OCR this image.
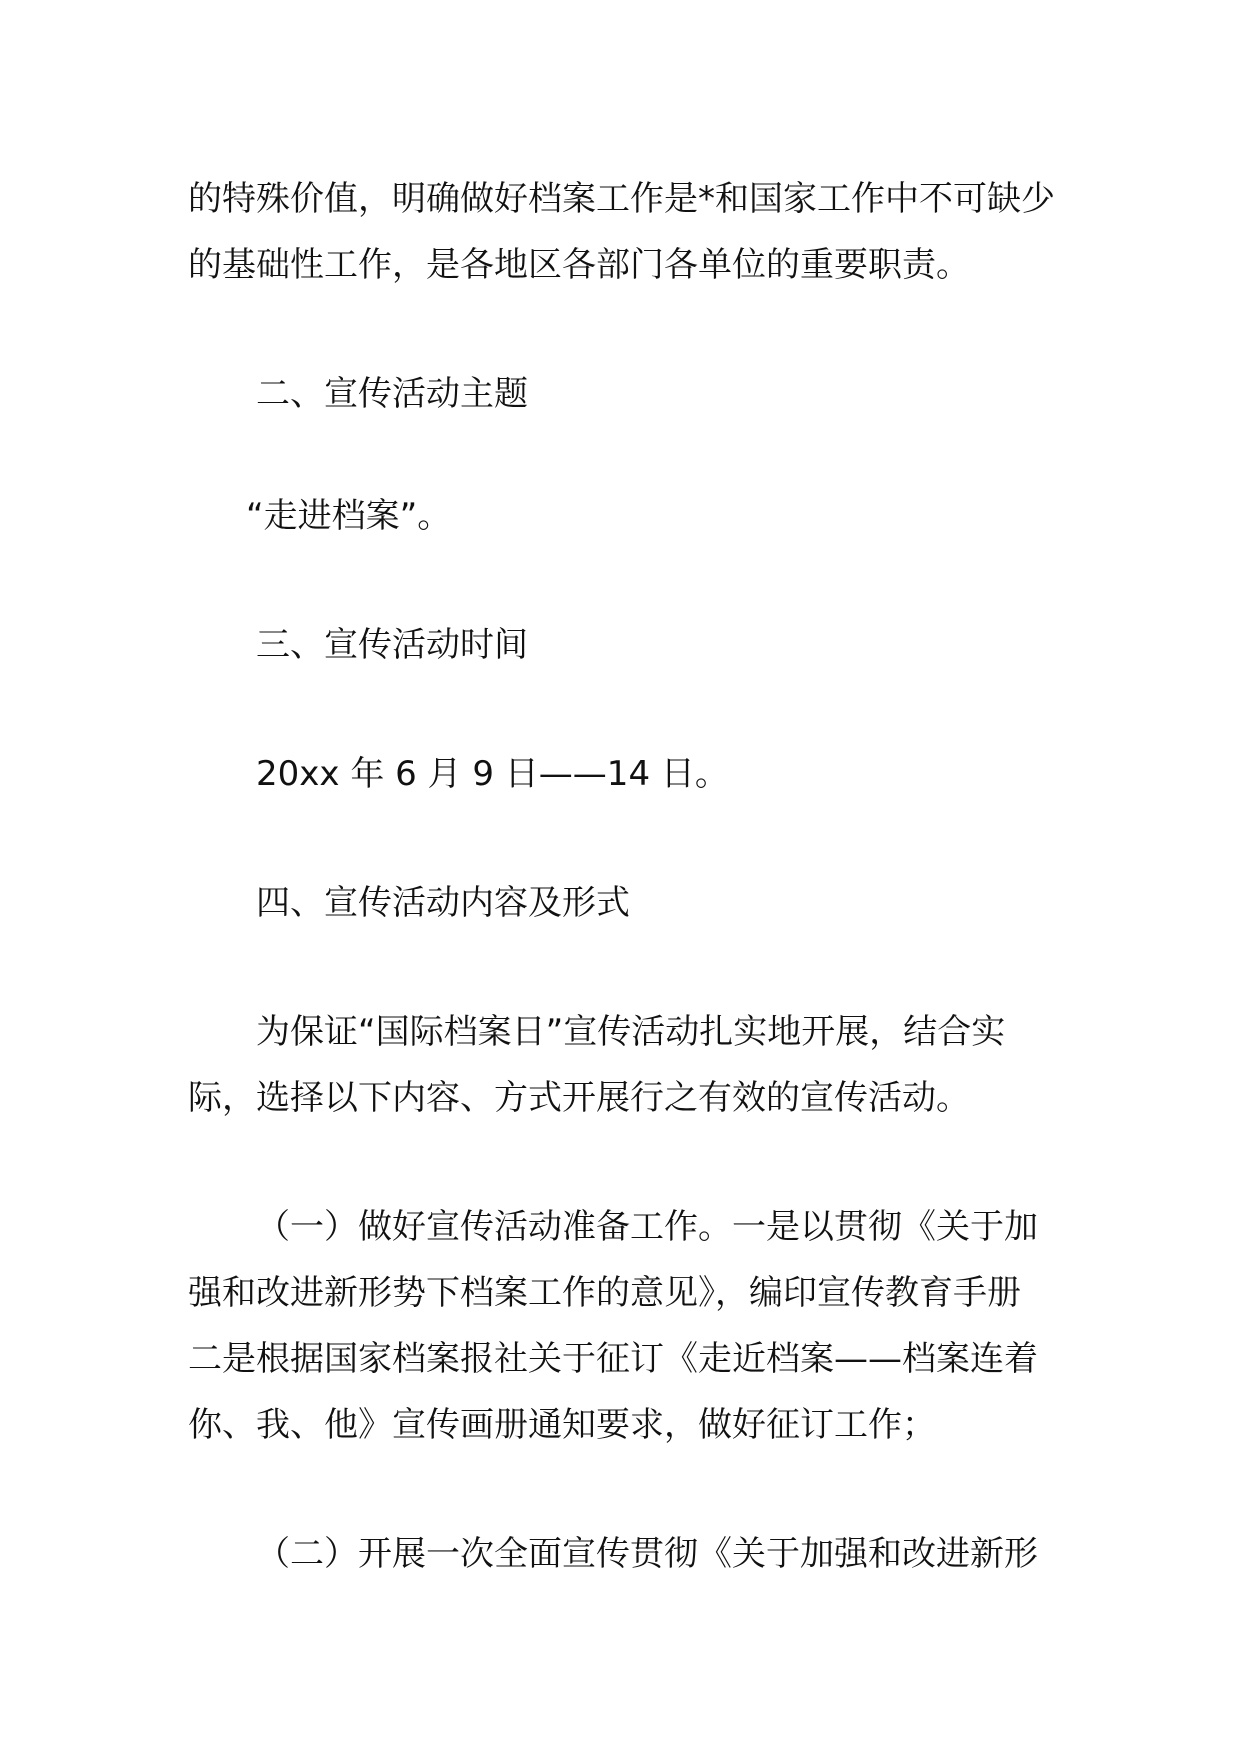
的特殊价值，明确做好档案工作是*和国家工作中不可缺少
的基础性工作，是各地区各部门各单位的重要职责。
二、宣传活动主题
“走进档案”。
三、宣传活动时间
20xx 年 6 月 9 日——14 日。
四、宣传活动内容及形式
为保证“国际档案日”宣传活动扎实地开展，结合实
际，选择以下内容、方式开展行之有效的宣传活动。
（一）做好宣传活动准备工作。一是以贯彻《关于加
强和改进新形势下档案工作的意见》，编印宣传教育手册
二是根据国家档案报社关于征订《走近档案——档案连着
你、我、他》宣传画册通知要求，做好征订工作；
（二）开展一次全面宣传贯彻《关于加强和改进新形
